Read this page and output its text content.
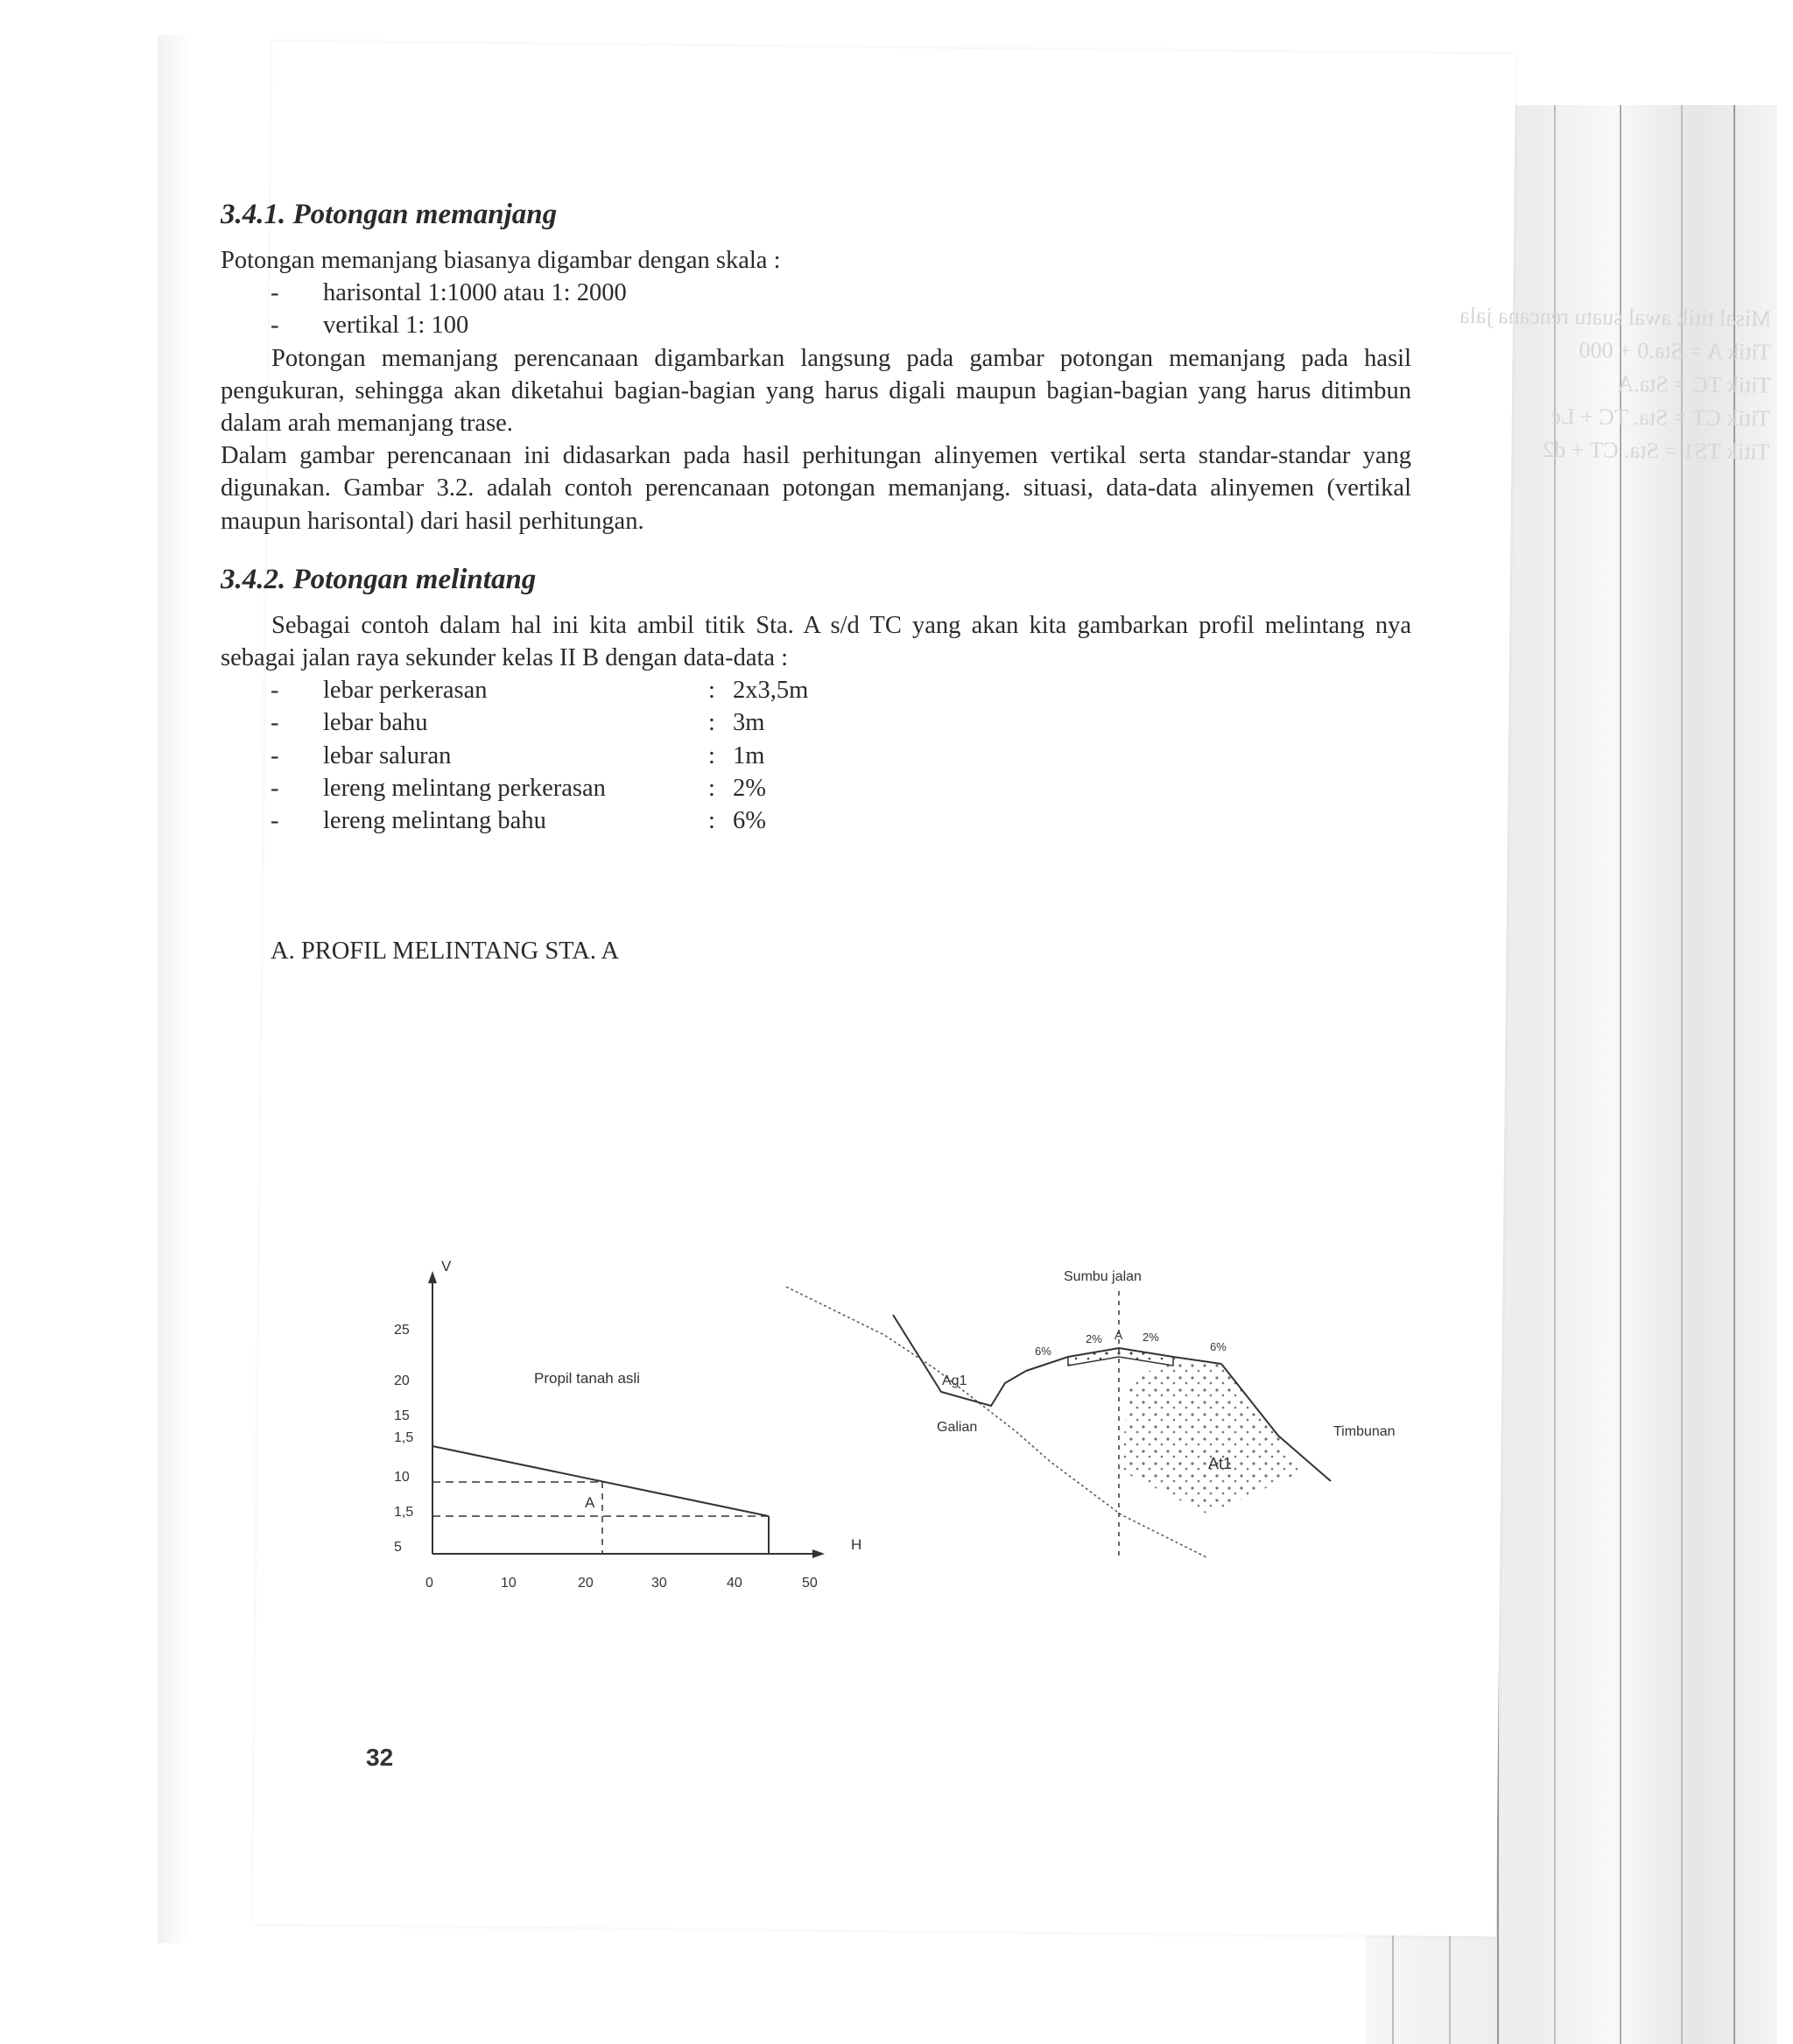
Misal titik awal suatu rencana jala
Titik A = Sta.0 + 000
Titik TC = Sta.A
Titik CT = Sta. TC + Lc
Titik TS1 = Sta. CT + d2
3.4.1. Potongan memanjang

Potongan memanjang biasanya digambar dengan skala :

-	harisontal 1:1000 atau 1: 2000
-	vertikal 1: 100

Potongan memanjang perencanaan digambarkan langsung pada gambar potongan memanjang pada hasil pengukuran, sehingga akan diketahui bagian-bagian yang harus digali maupun bagian-bagian yang harus ditimbun dalam arah memanjang trase.

Dalam gambar perencanaan ini didasarkan pada hasil perhitungan alinyemen vertikal serta standar-standar yang digunakan. Gambar 3.2. adalah contoh perencanaan potongan memanjang. situasi, data-data alinyemen (vertikal maupun harisontal) dari hasil perhitungan.

3.4.2. Potongan melintang

Sebagai contoh dalam hal ini kita ambil titik Sta. A s/d TC yang akan kita gambarkan profil melintang nya sebagai jalan raya sekunder kelas II B dengan data-data :

-	lebar perkerasan	: 2x3,5m
-	lebar bahu	: 3m
-	lebar saluran	: 1m
-	lereng melintang perkerasan	: 2%
-	lereng melintang bahu	: 6%
A. PROFIL MELINTANG STA. A
V
H
25
20
15
1,5
10
1,5
5
0	10	20	30	40	50
Propil tanah asli
A
Sumbu jalan
Ag1
Galian
At1
Timbunan
A
6%
2%	2%
6%
32
